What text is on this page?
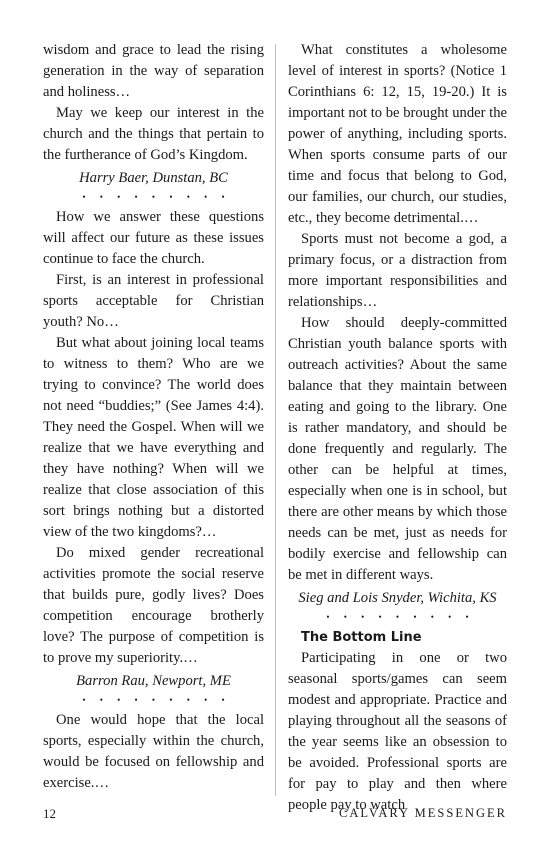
wisdom and grace to lead the rising generation in the way of separation and holiness…

May we keep our interest in the church and the things that pertain to the furtherance of God’s Kingdom.

Harry Baer, Dunstan, BC

• • • • • • • • •

How we answer these questions will affect our future as these issues continue to face the church.

First, is an interest in professional sports acceptable for Christian youth? No…

But what about joining local teams to witness to them? Who are we trying to convince? The world does not need “buddies;” (See James 4:4). They need the Gospel. When will we realize that we have everything and they have nothing? When will we realize that close association of this sort brings nothing but a distorted view of the two kingdoms?…

Do mixed gender recreational activities promote the social reserve that builds pure, godly lives? Does competition encourage brotherly love? The purpose of competition is to prove my superiority.…

Barron Rau, Newport, ME

• • • • • • • • •

One would hope that the local sports, especially within the church, would be focused on fellowship and exercise.…

What constitutes a wholesome level of interest in sports? (Notice 1 Corinthians 6: 12, 15, 19-20.) It is important not to be brought under the power of anything, including sports. When sports consume parts of our time and focus that belong to God, our families, our church, our studies, etc., they become detrimental.…

Sports must not become a god, a primary focus, or a distraction from more important responsibilities and relationships…

How should deeply-committed Christian youth balance sports with outreach activities? About the same balance that they maintain between eating and going to the library. One is rather mandatory, and should be done frequently and regularly. The other can be helpful at times, especially when one is in school, but there are other means by which those needs can be met, just as needs for bodily exercise and fellowship can be met in different ways.

Sieg and Lois Snyder, Wichita, KS

• • • • • • • • •

The Bottom Line

Participating in one or two seasonal sports/games can seem modest and appropriate. Practice and playing throughout all the seasons of the year seems like an obsession to be avoided. Professional sports are for pay to play and then where people pay to watch

12	CALVARY MESSENGER
